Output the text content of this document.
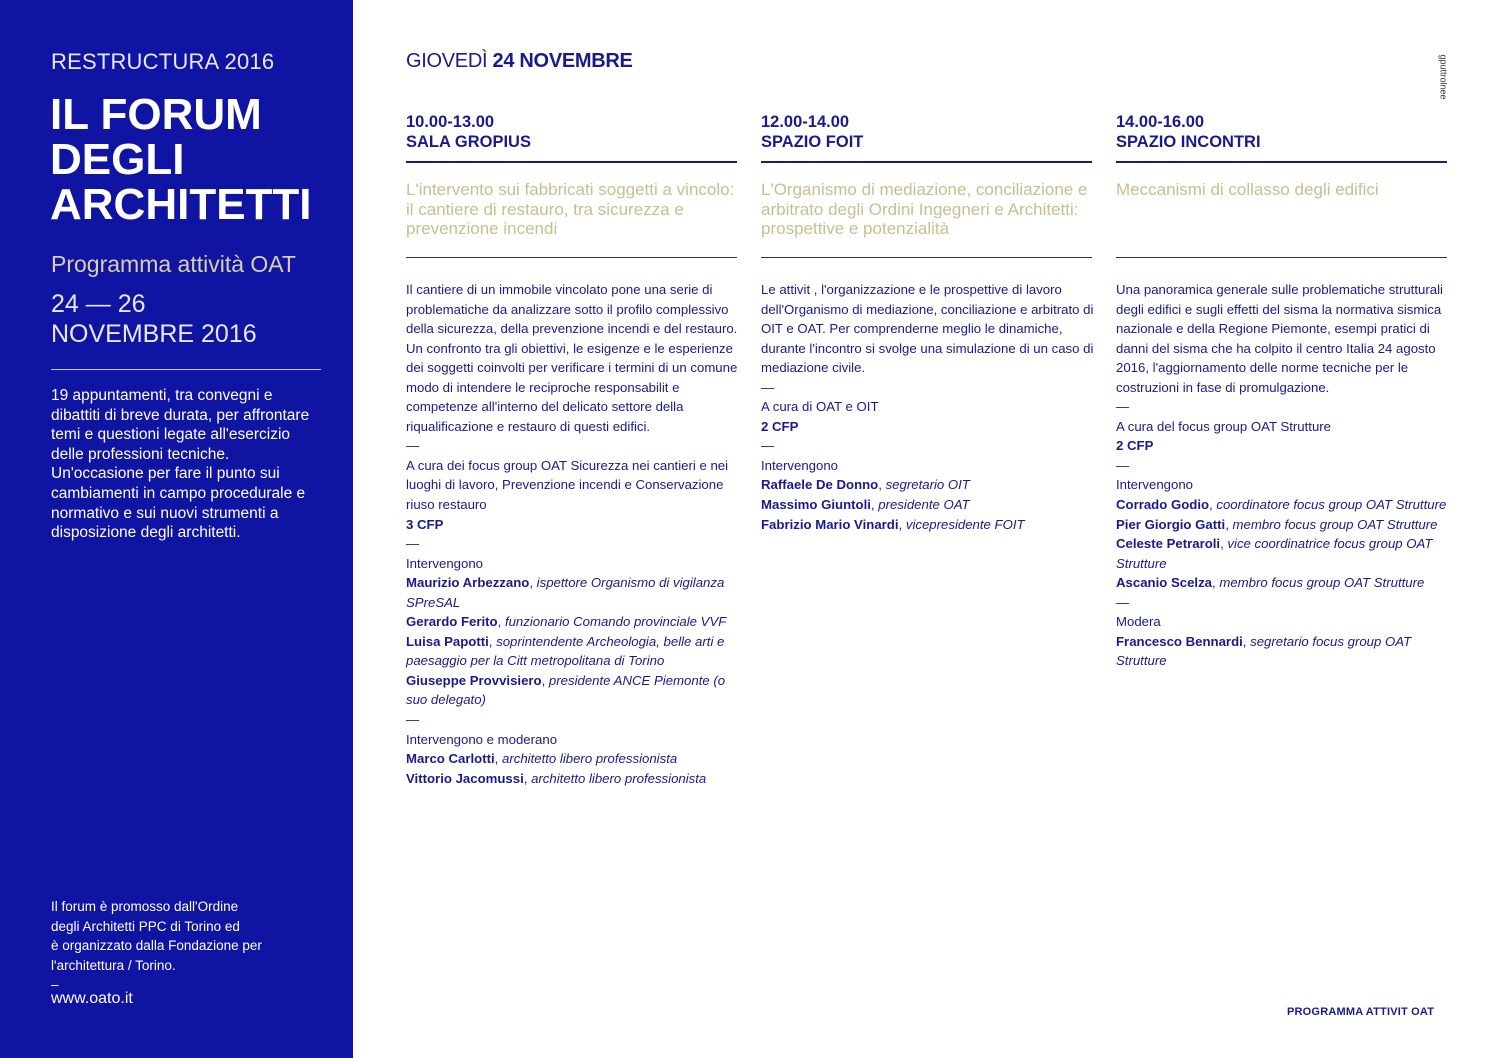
RESTRUCTURA 2016
IL FORUM
DEGLI
ARCHITETTI
Programma attività OAT
24 — 26
NOVEMBRE 2016
19 appuntamenti, tra convegni e dibattiti di breve durata, per affrontare temi e questioni legate all'esercizio delle professioni tecniche. Un'occasione per fare il punto sui cambiamenti in campo procedurale e normativo e sui nuovi strumenti a disposizione degli architetti.
Il forum è promosso dall'Ordine
degli Architetti PPC di Torino ed
è organizzato dalla Fondazione per
l'architettura / Torino.
–
www.oato.it
GIOVEDÌ 24 NOVEMBRE	gputtrolnee
10.00-13.00
SALA GROPIUS
L'intervento sui fabbricati soggetti a vincolo: il cantiere di restauro, tra sicurezza e prevenzione incendi

Il cantiere di un immobile vincolato pone una serie di problematiche da analizzare sotto il profilo complessivo della sicurezza, della prevenzione incendi e del restauro. Un confronto tra gli obiettivi, le esigenze e le esperienze dei soggetti coinvolti per verificare i termini di un comune modo di intendere le reciproche responsabilit e competenze all'interno del delicato settore della riqualificazione e restauro di questi edifici.

—

A cura dei focus group OAT Sicurezza nei cantieri e nei luoghi di lavoro, Prevenzione incendi e Conservazione riuso restauro

3 CFP

—

Intervengono

Maurizio Arbezzano, ispettore Organismo di vigilanza SPreSAL

Gerardo Ferito, funzionario Comando provinciale VVF

Luisa Papotti, soprintendente Archeologia, belle arti e paesaggio per la Citt metropolitana di Torino

Giuseppe Provvisiero, presidente ANCE Piemonte (o suo delegato)

—

Intervengono e moderano

Marco Carlotti, architetto libero professionista

Vittorio Jacomussi, architetto libero professionista

12.00-14.00
SPAZIO FOIT
L'Organismo di mediazione, conciliazione e arbitrato degli Ordini Ingegneri e Architetti: prospettive e potenzialità

Le attivit , l'organizzazione e le prospettive di lavoro dell'Organismo di mediazione, conciliazione e arbitrato di OIT e OAT. Per comprenderne meglio le dinamiche, durante l'incontro si svolge una simulazione di un caso di mediazione civile.

—

A cura di OAT e OIT

2 CFP

—

Intervengono

Raffaele De Donno, segretario OIT

Massimo Giuntoli, presidente OAT

Fabrizio Mario Vinardi, vicepresidente FOIT

14.00-16.00
SPAZIO INCONTRI
Meccanismi di collasso degli edifici

Una panoramica generale sulle problematiche strutturali degli edifici e sugli effetti del sisma la normativa sismica nazionale e della Regione Piemonte, esempi pratici di danni del sisma che ha colpito il centro Italia 24 agosto 2016, l'aggiornamento delle norme tecniche per le costruzioni in fase di promulgazione.

—

A cura del focus group OAT Strutture

2 CFP

—

Intervengono

Corrado Godio, coordinatore focus group OAT Strutture

Pier Giorgio Gatti, membro focus group OAT Strutture

Celeste Petraroli, vice coordinatrice focus group OAT Strutture

Ascanio Scelza, membro focus group OAT Strutture

—

Modera

Francesco Bennardi, segretario focus group OAT Strutture

PROGRAMMA ATTIVIT OAT
